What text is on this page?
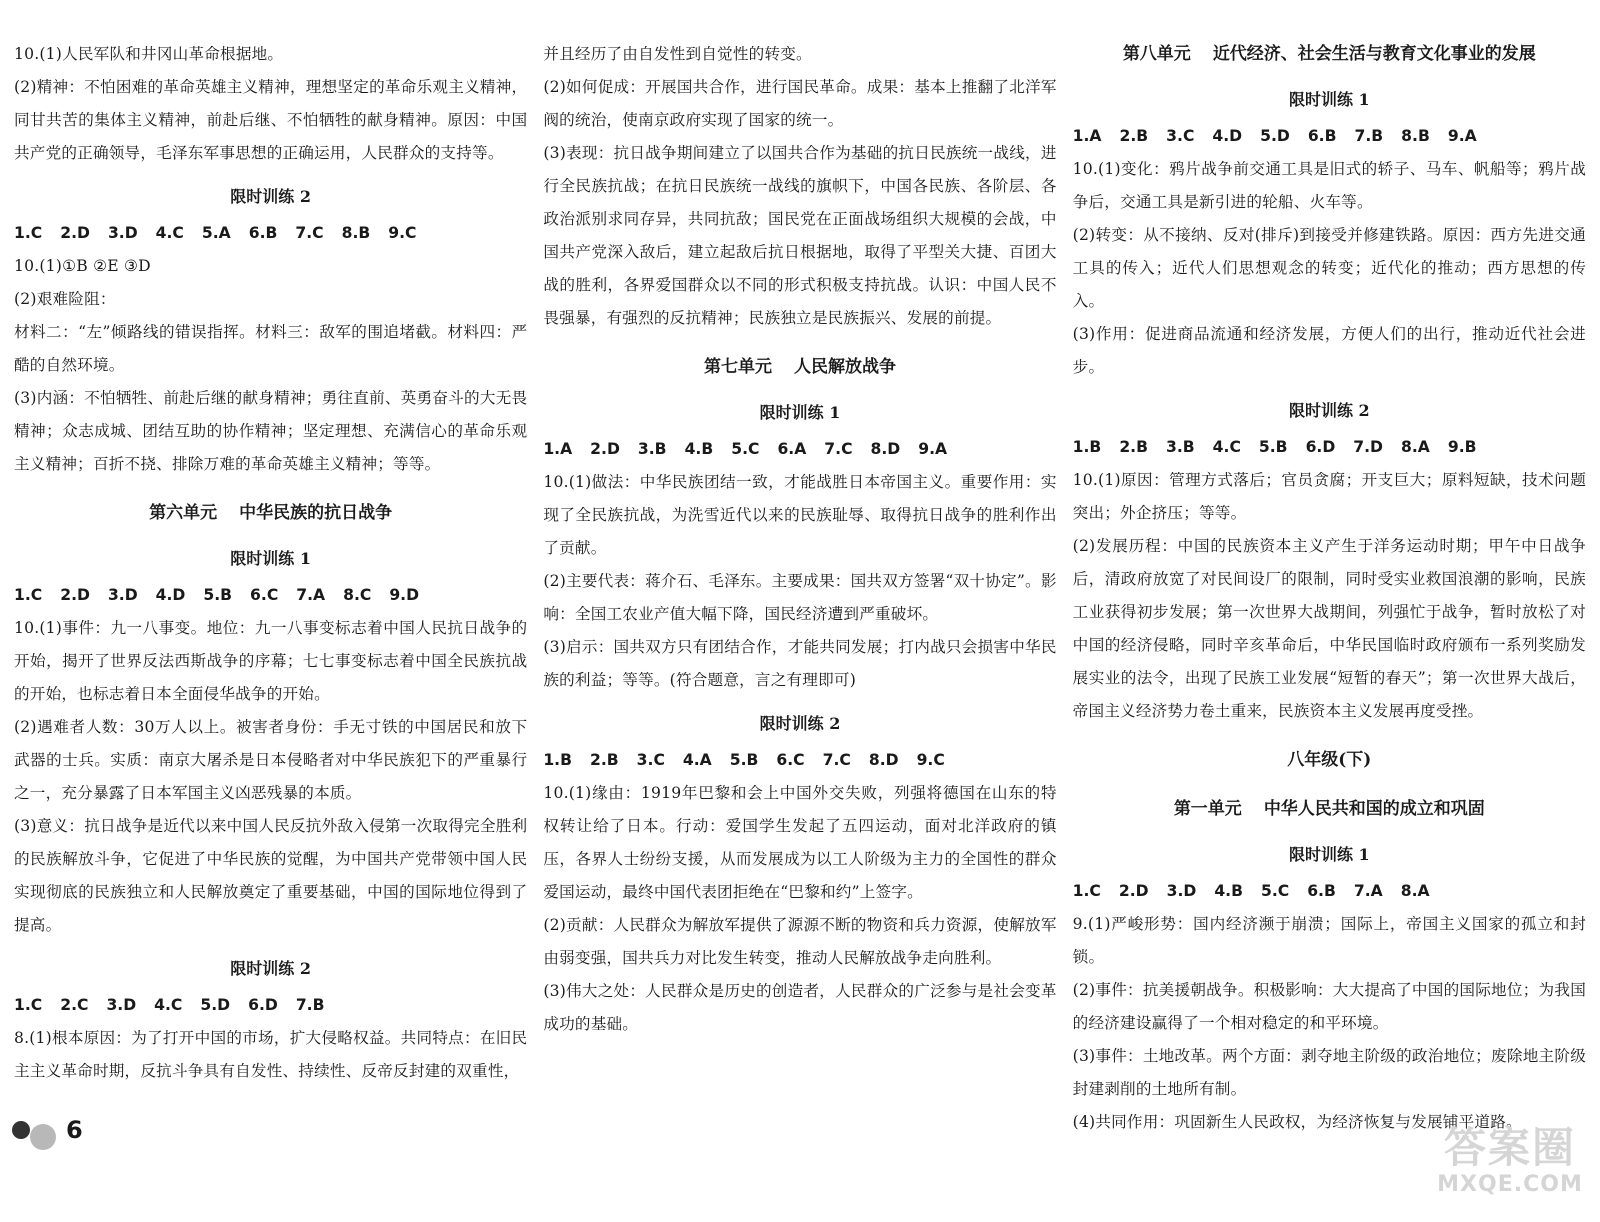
10.(1)人民军队和井冈山革命根据地。

(2)精神：不怕困难的革命英雄主义精神，理想坚定的革命乐观主义精神，同甘共苦的集体主义精神，前赴后继、不怕牺牲的献身精神。原因：中国共产党的正确领导，毛泽东军事思想的正确运用，人民群众的支持等。

限时训练 2
1.C 2.D 3.D 4.C 5.A 6.B 7.C 8.B 9.C

10.(1)①B ②E ③D

(2)艰难险阻：

材料二：“左”倾路线的错误指挥。材料三：敌军的围追堵截。材料四：严酷的自然环境。

(3)内涵：不怕牺牲、前赴后继的献身精神；勇往直前、英勇奋斗的大无畏精神；众志成城、团结互助的协作精神；坚定理想、充满信心的革命乐观主义精神；百折不挠、排除万难的革命英雄主义精神；等等。

第六单元 中华民族的抗日战争
限时训练 1
1.C 2.D 3.D 4.D 5.B 6.C 7.A 8.C 9.D

10.(1)事件：九一八事变。地位：九一八事变标志着中国人民抗日战争的开始，揭开了世界反法西斯战争的序幕；七七事变标志着中国全民族抗战的开始，也标志着日本全面侵华战争的开始。

(2)遇难者人数：30万人以上。被害者身份：手无寸铁的中国居民和放下武器的士兵。实质：南京大屠杀是日本侵略者对中华民族犯下的严重暴行之一，充分暴露了日本军国主义凶恶残暴的本质。

(3)意义：抗日战争是近代以来中国人民反抗外敌入侵第一次取得完全胜利的民族解放斗争，它促进了中华民族的觉醒，为中国共产党带领中国人民实现彻底的民族独立和人民解放奠定了重要基础，中国的国际地位得到了提高。

限时训练 2
1.C 2.C 3.D 4.C 5.D 6.D 7.B

8.(1)根本原因：为了打开中国的市场，扩大侵略权益。共同特点：在旧民主主义革命时期，反抗斗争具有自发性、持续性、反帝反封建的双重性，

并且经历了由自发性到自觉性的转变。

(2)如何促成：开展国共合作，进行国民革命。成果：基本上推翻了北洋军阀的统治，使南京政府实现了国家的统一。

(3)表现：抗日战争期间建立了以国共合作为基础的抗日民族统一战线，进行全民族抗战；在抗日民族统一战线的旗帜下，中国各民族、各阶层、各政治派别求同存异，共同抗敌；国民党在正面战场组织大规模的会战，中国共产党深入敌后，建立起敌后抗日根据地，取得了平型关大捷、百团大战的胜利，各界爱国群众以不同的形式积极支持抗战。认识：中国人民不畏强暴，有强烈的反抗精神；民族独立是民族振兴、发展的前提。

第七单元 人民解放战争
限时训练 1
1.A 2.D 3.B 4.B 5.C 6.A 7.C 8.D 9.A

10.(1)做法：中华民族团结一致，才能战胜日本帝国主义。重要作用：实现了全民族抗战，为洗雪近代以来的民族耻辱、取得抗日战争的胜利作出了贡献。

(2)主要代表：蒋介石、毛泽东。主要成果：国共双方签署“双十协定”。影响：全国工农业产值大幅下降，国民经济遭到严重破坏。

(3)启示：国共双方只有团结合作，才能共同发展；打内战只会损害中华民族的利益；等等。(符合题意，言之有理即可)

限时训练 2
1.B 2.B 3.C 4.A 5.B 6.C 7.C 8.D 9.C

10.(1)缘由：1919年巴黎和会上中国外交失败，列强将德国在山东的特权转让给了日本。行动：爱国学生发起了五四运动，面对北洋政府的镇压，各界人士纷纷支援，从而发展成为以工人阶级为主力的全国性的群众爱国运动，最终中国代表团拒绝在“巴黎和约”上签字。

(2)贡献：人民群众为解放军提供了源源不断的物资和兵力资源，使解放军由弱变强，国共兵力对比发生转变，推动人民解放战争走向胜利。

(3)伟大之处：人民群众是历史的创造者，人民群众的广泛参与是社会变革成功的基础。

第八单元 近代经济、社会生活与教育文化事业的发展
限时训练 1
1.A 2.B 3.C 4.D 5.D 6.B 7.B 8.B 9.A

10.(1)变化：鸦片战争前交通工具是旧式的轿子、马车、帆船等；鸦片战争后，交通工具是新引进的轮船、火车等。

(2)转变：从不接纳、反对(排斥)到接受并修建铁路。原因：西方先进交通工具的传入；近代人们思想观念的转变；近代化的推动；西方思想的传入。

(3)作用：促进商品流通和经济发展，方便人们的出行，推动近代社会进步。

限时训练 2
1.B 2.B 3.B 4.C 5.B 6.D 7.D 8.A 9.B

10.(1)原因：管理方式落后；官员贪腐；开支巨大；原料短缺，技术问题突出；外企挤压；等等。

(2)发展历程：中国的民族资本主义产生于洋务运动时期；甲午中日战争后，清政府放宽了对民间设厂的限制，同时受实业救国浪潮的影响，民族工业获得初步发展；第一次世界大战期间，列强忙于战争，暂时放松了对中国的经济侵略，同时辛亥革命后，中华民国临时政府颁布一系列奖励发展实业的法令，出现了民族工业发展“短暂的春天”；第一次世界大战后，帝国主义经济势力卷土重来，民族资本主义发展再度受挫。

八年级(下)
第一单元 中华人民共和国的成立和巩固
限时训练 1
1.C 2.D 3.D 4.B 5.C 6.B 7.A 8.A

9.(1)严峻形势：国内经济濒于崩溃；国际上，帝国主义国家的孤立和封锁。

(2)事件：抗美援朝战争。积极影响：大大提高了中国的国际地位；为我国的经济建设赢得了一个相对稳定的和平环境。

(3)事件：土地改革。两个方面：剥夺地主阶级的政治地位；废除地主阶级封建剥削的土地所有制。

(4)共同作用：巩固新生人民政权，为经济恢复与发展铺平道路。

6	答案圈
MXQE.COM
